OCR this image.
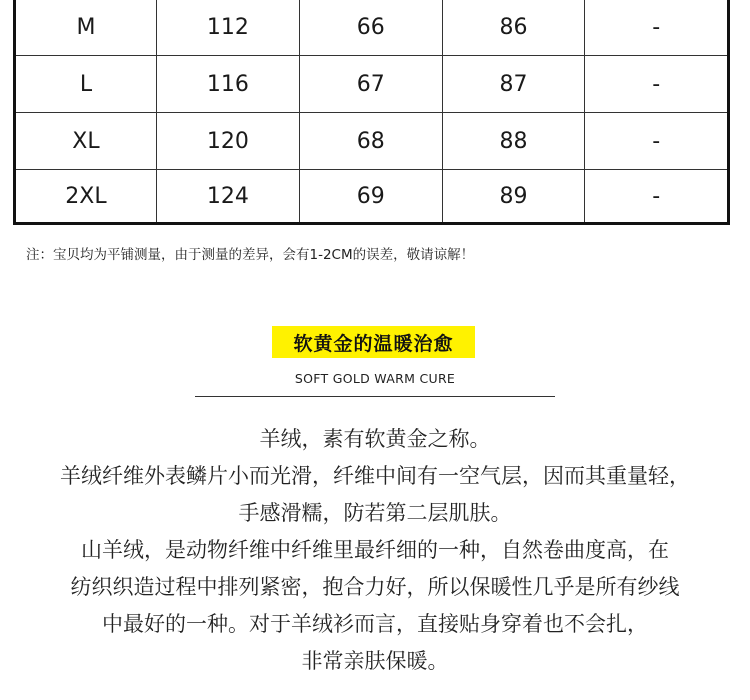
M	112	66	86	-
L	116	67	87	-
XL	120	68	88	-
2XL	124	69	89	-
注：宝贝均为平铺测量，由于测量的差异，会有1-2CM的误差，敬请谅解！
软黄金的温暖治愈
SOFT GOLD WARM CURE
羊绒，素有软黄金之称。
羊绒纤维外表鳞片小而光滑，纤维中间有一空气层，因而其重量轻，
手感滑糯，防若第二层肌肤。
山羊绒，是动物纤维中纤维里最纤细的一种，自然卷曲度高，在
纺织织造过程中排列紧密，抱合力好，所以保暖性几乎是所有纱线
中最好的一种。对于羊绒衫而言，直接贴身穿着也不会扎，
非常亲肤保暖。
